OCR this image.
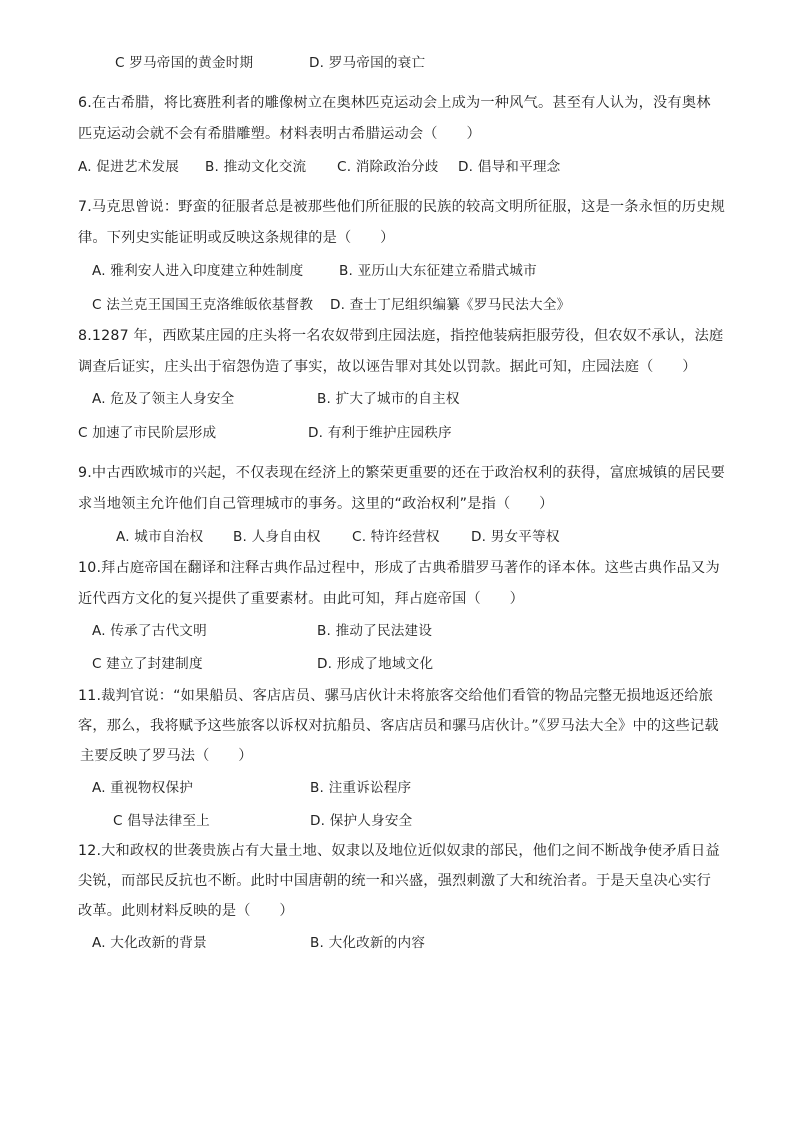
C 罗马帝国的黄金时期	D. 罗马帝国的衰亡
6.在古希腊，将比赛胜利者的雕像树立在奥林匹克运动会上成为一种风气。甚至有人认为，没有奥林
匹克运动会就不会有希腊雕塑。材料表明古希腊运动会（　　）
A. 促进艺术发展 B. 推动文化交流 C. 消除政治分歧 D. 倡导和平理念
7.马克思曾说：野蛮的征服者总是被那些他们所征服的民族的较高文明所征服，这是一条永恒的历史规
律。下列史实能证明或反映这条规律的是（　　）
A. 雅利安人进入印度建立种姓制度	B. 亚历山大东征建立希腊式城市
C 法兰克王国国王克洛维皈依基督教 D. 查士丁尼组织编纂《罗马民法大全》
8.1287 年，西欧某庄园的庄头将一名农奴带到庄园法庭，指控他装病拒服劳役，但农奴不承认，法庭
调查后证实，庄头出于宿怨伪造了事实，故以诬告罪对其处以罚款。据此可知，庄园法庭（　　）
A. 危及了领主人身安全	B. 扩大了城市的自主权
C 加速了市民阶层形成	D. 有利于维护庄园秩序
9.中古西欧城市的兴起，不仅表现在经济上的繁荣更重要的还在于政治权利的获得，富庶城镇的居民要
求当地领主允许他们自己管理城市的事务。这里的“政治权利”是指（　　）
A. 城市自治权 B. 人身自由权 C. 特许经营权 D. 男女平等权
10.拜占庭帝国在翻译和注释古典作品过程中，形成了古典希腊罗马著作的译本体。这些古典作品又为
近代西方文化的复兴提供了重要素材。由此可知，拜占庭帝国（　　）
A. 传承了古代文明	B. 推动了民法建设
C 建立了封建制度	D. 形成了地域文化
11.裁判官说：“如果船员、客店店员、骡马店伙计未将旅客交给他们看管的物品完整无损地返还给旅
客，那么，我将赋予这些旅客以诉权对抗船员、客店店员和骡马店伙计。”《罗马法大全》中的这些记载
主要反映了罗马法（　　）
A. 重视物权保护	B. 注重诉讼程序
C 倡导法律至上	D. 保护人身安全
12.大和政权的世袭贵族占有大量土地、奴隶以及地位近似奴隶的部民，他们之间不断战争使矛盾日益
尖锐，而部民反抗也不断。此时中国唐朝的统一和兴盛，强烈刺激了大和统治者。于是天皇决心实行
改革。此则材料反映的是（　　）
A. 大化改新的背景	B. 大化改新的内容
